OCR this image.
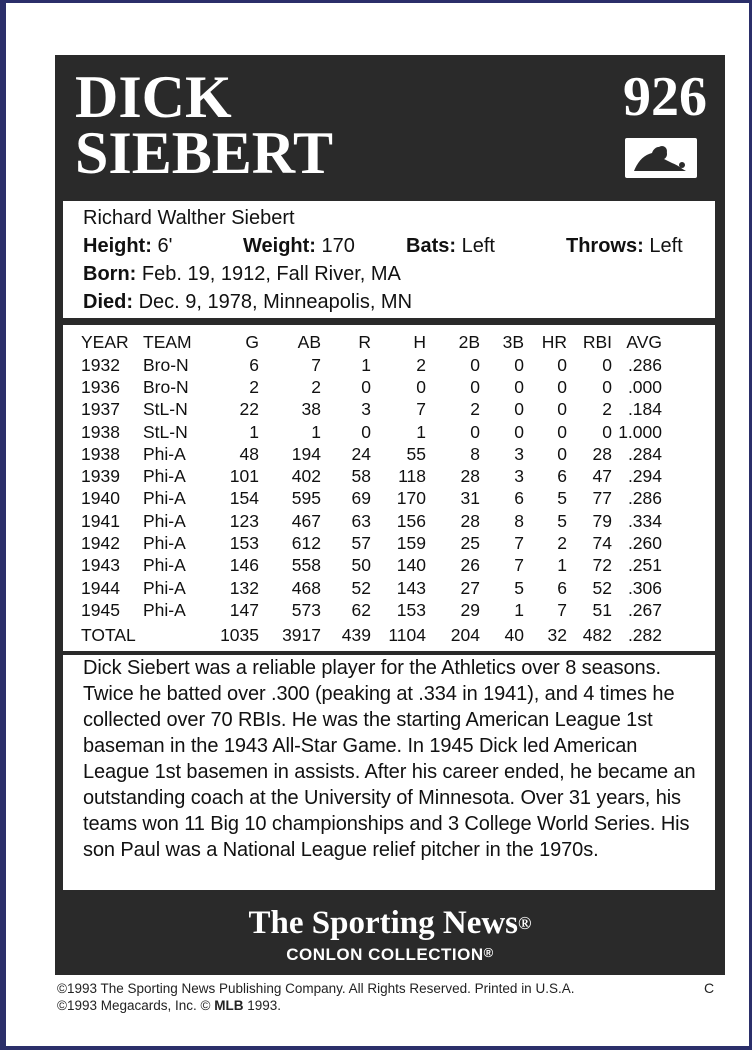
DICK
SIEBERT
926
Richard Walther Siebert
Height: 6'	Weight: 170	Bats: Left	Throws: Left
Born: Feb. 19, 1912, Fall River, MA
Died: Dec. 9, 1978, Minneapolis, MN
YEAR	TEAM	G	AB	R	H	2B	3B	HR	RBI	AVG
1932	Bro-N	6	7	1	2	0	0	0	0	.286
1936	Bro-N	2	2	0	0	0	0	0	0	.000
1937	StL-N	22	38	3	7	2	0	0	2	.184
1938	StL-N	1	1	0	1	0	0	0	0	1.000
1938	Phi-A	48	194	24	55	8	3	0	28	.284
1939	Phi-A	101	402	58	118	28	3	6	47	.294
1940	Phi-A	154	595	69	170	31	6	5	77	.286
1941	Phi-A	123	467	63	156	28	8	5	79	.334
1942	Phi-A	153	612	57	159	25	7	2	74	.260
1943	Phi-A	146	558	50	140	26	7	1	72	.251
1944	Phi-A	132	468	52	143	27	5	6	52	.306
1945	Phi-A	147	573	62	153	29	1	7	51	.267
TOTAL		1035	3917	439	1104	204	40	32	482	.282

Dick Siebert was a reliable player for the Athletics over 8 seasons. Twice he batted over .300 (peaking at .334 in 1941), and 4 times he collected over 70 RBIs. He was the starting American League 1st baseman in the 1943 All-Star Game. In 1945 Dick led American League 1st basemen in assists. After his career ended, he became an outstanding coach at the University of Minnesota. Over 31 years, his teams won 11 Big 10 championships and 3 College World Series. His son Paul was a National League relief pitcher in the 1970s.

The Sporting News®
CONLON COLLECTION®
©1993 The Sporting News Publishing Company. All Rights Reserved. Printed in U.S.A.
©1993 Megacards, Inc. © MLB 1993.
C
